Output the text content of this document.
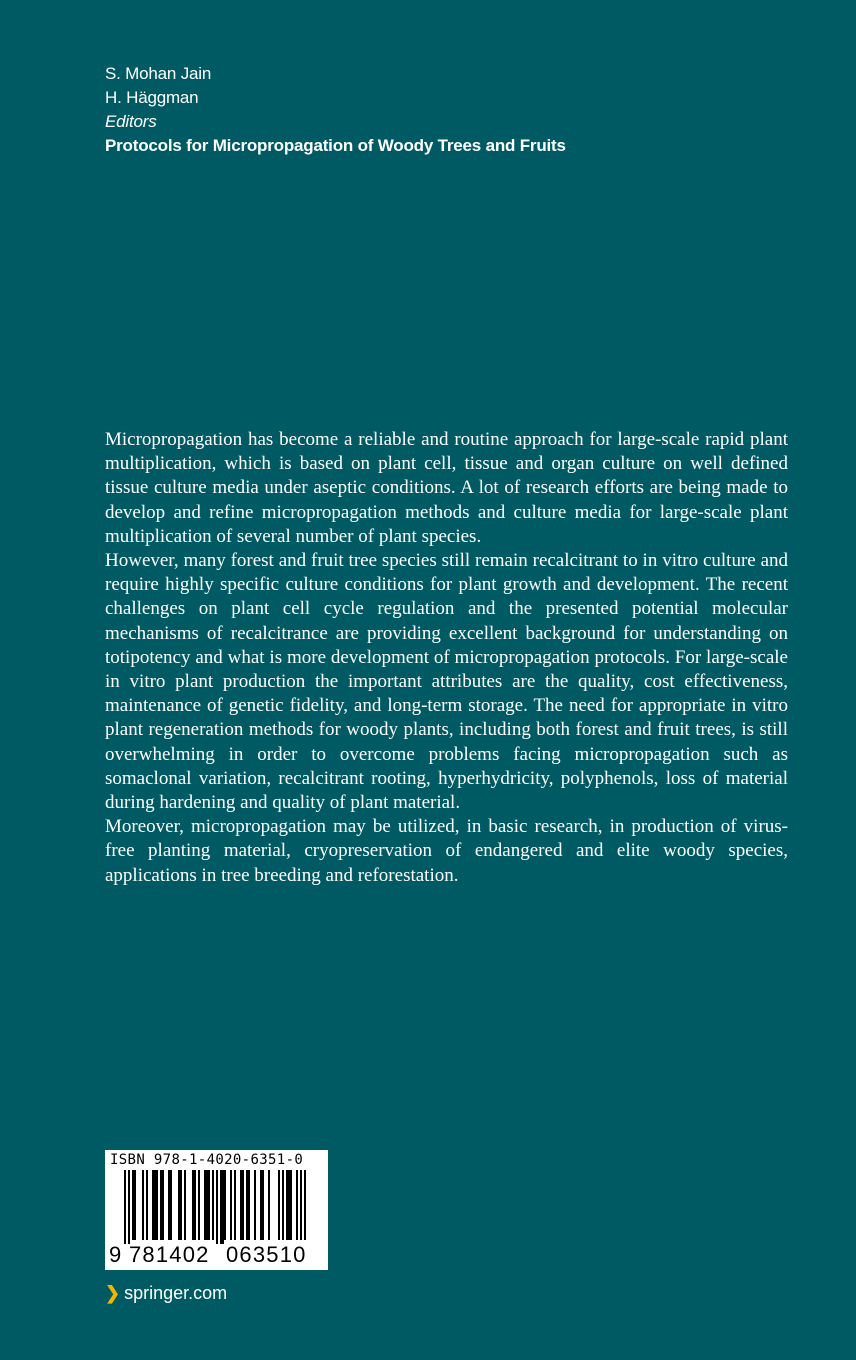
S. Mohan Jain
H. Häggman
Editors
Protocols for Micropropagation of Woody Trees and Fruits

Micropropagation has become a reliable and routine approach for large-scale rapid plant multiplication, which is based on plant cell, tissue and organ culture on well defined tissue culture media under aseptic conditions. A lot of research efforts are being made to develop and refine micropropagation methods and culture media for large-scale plant multiplication of several number of plant species.

However, many forest and fruit tree species still remain recalcitrant to in vitro culture and require highly specific culture conditions for plant growth and development. The recent challenges on plant cell cycle regulation and the presented potential molecular mechanisms of recalcitrance are providing excellent background for understanding on totipotency and what is more development of micropropagation protocols. For large-scale in vitro plant production the important attributes are the quality, cost effectiveness, maintenance of genetic fidelity, and long-term storage. The need for appropriate in vitro plant regeneration methods for woody plants, including both forest and fruit trees, is still overwhelming in order to overcome problems facing micropropagation such as somaclonal variation, recalcitrant rooting, hyperhydricity, polyphenols, loss of material during hardening and quality of plant material.

Moreover, micropropagation may be utilized, in basic research, in production of virus-free planting material, cryopreservation of endangered and elite woody species, applications in tree breeding and reforestation.

ISBN 978-1-4020-6351-0
9 781402 063510
❯ springer.com
